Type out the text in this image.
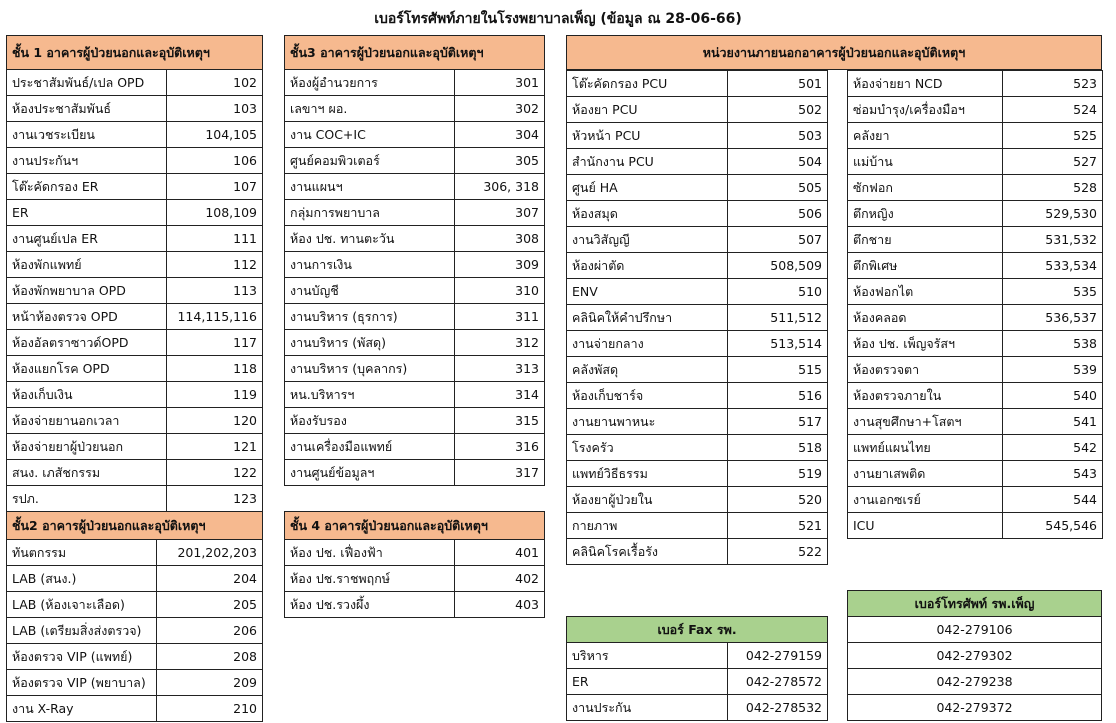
เบอร์โทรศัพท์ภายในโรงพยาบาลเพ็ญ (ข้อมูล ณ 28-06-66)
ชั้น 1 อาคารผู้ป่วยนอกและอุบัติเหตุฯ	
ประชาสัมพันธ์/เปล OPD	102
ห้องประชาสัมพันธ์	103
งานเวชระเบียน	104,105
งานประกันฯ	106
โต๊ะคัดกรอง ER	107
ER	108,109
งานศูนย์เปล ER	111
ห้องพักแพทย์	112
ห้องพักพยาบาล OPD	113
หน้าห้องตรวจ OPD	114,115,116
ห้องอัลตราซาวด์OPD	117
ห้องแยกโรค OPD	118
ห้องเก็บเงิน	119
ห้องจ่ายยานอกเวลา	120
ห้องจ่ายยาผู้ป่วยนอก	121
สนง. เภสัชกรรม	122
รปภ.	123
ชั้น2 อาคารผู้ป่วยนอกและอุบัติเหตุฯ	
ทันตกรรม	201,202,203
LAB (สนง.)	204
LAB (ห้องเจาะเลือด)	205
LAB (เตรียมสิ่งส่งตรวจ)	206
ห้องตรวจ VIP (แพทย์)	208
ห้องตรวจ VIP (พยาบาล)	209
งาน X-Ray	210
ชั้น3 อาคารผู้ป่วยนอกและอุบัติเหตุฯ	
ห้องผู้อำนวยการ	301
เลขาฯ ผอ.	302
งาน COC+IC	304
ศูนย์คอมพิวเตอร์	305
งานแผนฯ	306, 318
กลุ่มการพยาบาล	307
ห้อง ปช. ทานตะวัน	308
งานการเงิน	309
งานบัญชี	310
งานบริหาร (ธุรการ)	311
งานบริหาร (พัสดุ)	312
งานบริหาร (บุคลากร)	313
หน.บริหารฯ	314
ห้องรับรอง	315
งานเครื่องมือแพทย์	316
งานศูนย์ข้อมูลฯ	317
ชั้น 4 อาคารผู้ป่วยนอกและอุบัติเหตุฯ	
ห้อง ปช. เฟื่องฟ้า	401
ห้อง ปช.ราชพฤกษ์	402
ห้อง ปช.รวงผึ้ง	403
หน่วยงานภายนอกอาคารผู้ป่วยนอกและอุบัติเหตุฯ
โต๊ะคัดกรอง PCU	501
ห้องยา PCU	502
หัวหน้า PCU	503
สำนักงาน PCU	504
ศูนย์ HA	505
ห้องสมุด	506
งานวิสัญญี	507
ห้องผ่าตัด	508,509
ENV	510
คลินิคให้คำปรึกษา	511,512
งานจ่ายกลาง	513,514
คลังพัสดุ	515
ห้องเก็บชาร์จ	516
งานยานพาหนะ	517
โรงครัว	518
แพทย์วิธีธรรม	519
ห้องยาผู้ป่วยใน	520
กายภาพ	521
คลินิคโรคเรื้อรัง	522
ห้องจ่ายยา NCD	523
ซ่อมบำรุง/เครื่องมือฯ	524
คลังยา	525
แม่บ้าน	527
ซักฟอก	528
ตึกหญิง	529,530
ตึกชาย	531,532
ตึกพิเศษ	533,534
ห้องฟอกไต	535
ห้องคลอด	536,537
ห้อง ปช. เพ็ญจรัสฯ	538
ห้องตรวจตา	539
ห้องตรวจภายใน	540
งานสุขศึกษา+โสตฯ	541
แพทย์แผนไทย	542
งานยาเสพติด	543
งานเอกซเรย์	544
ICU	545,546
เบอร์ Fax รพ.	
บริหาร	042-279159
ER	042-278572
งานประกัน	042-278532
เบอร์โทรศัพท์ รพ.เพ็ญ
042-279106
042-279302
042-279238
042-279372
